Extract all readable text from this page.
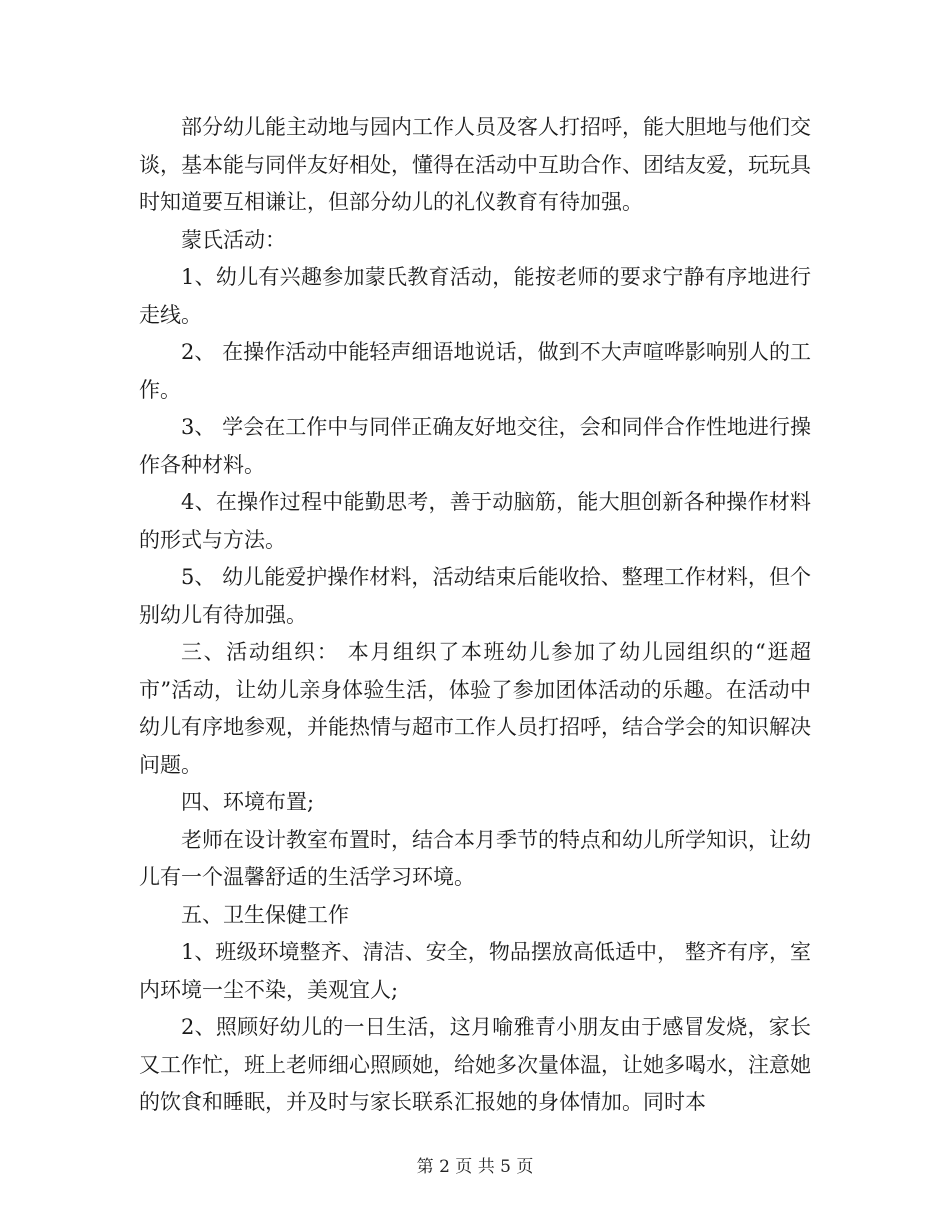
部分幼儿能主动地与园内工作人员及客人打招呼，能大胆地与他们交谈，基本能与同伴友好相处，懂得在活动中互助合作、团结友爱，玩玩具时知道要互相谦让，但部分幼儿的礼仪教育有待加强。

蒙氏活动：

1、幼儿有兴趣参加蒙氏教育活动，能按老师的要求宁静有序地进行走线。

2、 在操作活动中能轻声细语地说话，做到不大声喧哗影响别人的工作。

3、 学会在工作中与同伴正确友好地交往，会和同伴合作性地进行操作各种材料。

4、在操作过程中能勤思考，善于动脑筋，能大胆创新各种操作材料的形式与方法。

5、 幼儿能爱护操作材料，活动结束后能收拾、整理工作材料，但个别幼儿有待加强。

三、活动组织： 本月组织了本班幼儿参加了幼儿园组织的“逛超市”活动，让幼儿亲身体验生活，体验了参加团体活动的乐趣。在活动中幼儿有序地参观，并能热情与超市工作人员打招呼，结合学会的知识解决问题。

四、环境布置;

老师在设计教室布置时，结合本月季节的特点和幼儿所学知识，让幼儿有一个温馨舒适的生活学习环境。

五、卫生保健工作

1、班级环境整齐、清洁、安全，物品摆放高低适中， 整齐有序，室内环境一尘不染，美观宜人;

2、照顾好幼儿的一日生活，这月喻雅青小朋友由于感冒发烧，家长又工作忙，班上老师细心照顾她，给她多次量体温，让她多喝水，注意她的饮食和睡眠，并及时与家长联系汇报她的身体情加。同时本

第 2 页 共 5 页
